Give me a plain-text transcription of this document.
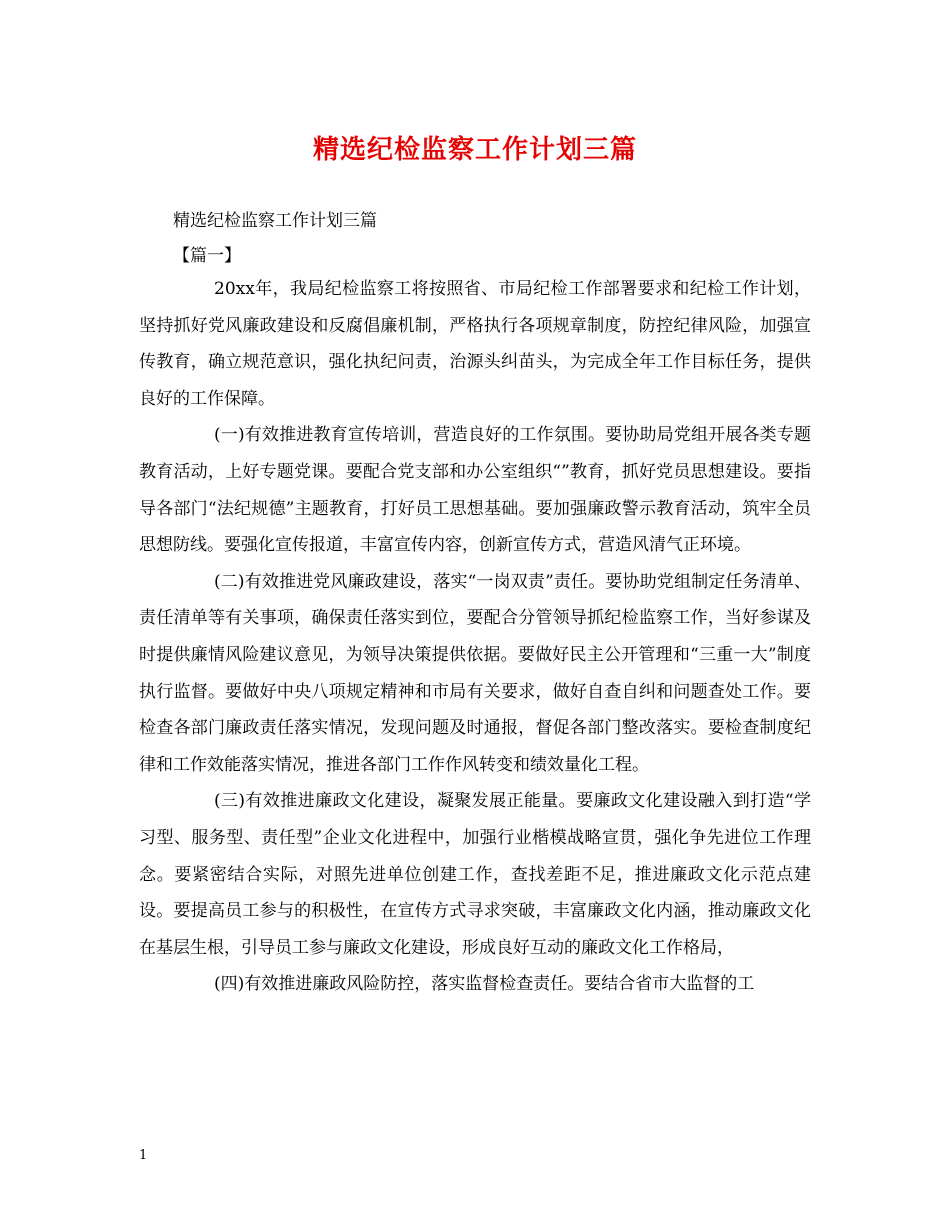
精选纪检监察工作计划三篇

精选纪检监察工作计划三篇

【篇一】

20xx年，我局纪检监察工将按照省、市局纪检工作部署要求和纪检工作计划，坚持抓好党风廉政建设和反腐倡廉机制，严格执行各项规章制度，防控纪律风险，加强宣传教育，确立规范意识，强化执纪问责，治源头纠苗头，为完成全年工作目标任务，提供良好的工作保障。

(一)有效推进教育宣传培训，营造良好的工作氛围。要协助局党组开展各类专题教育活动，上好专题党课。要配合党支部和办公室组织“”教育，抓好党员思想建设。要指导各部门“法纪规德”主题教育，打好员工思想基础。要加强廉政警示教育活动，筑牢全员思想防线。要强化宣传报道，丰富宣传内容，创新宣传方式，营造风清气正环境。

(二)有效推进党风廉政建设，落实“一岗双责”责任。要协助党组制定任务清单、责任清单等有关事项，确保责任落实到位，要配合分管领导抓纪检监察工作，当好参谋及时提供廉情风险建议意见，为领导决策提供依据。要做好民主公开管理和“三重一大”制度执行监督。要做好中央八项规定精神和市局有关要求，做好自查自纠和问题查处工作。要检查各部门廉政责任落实情况，发现问题及时通报，督促各部门整改落实。要检查制度纪律和工作效能落实情况，推进各部门工作作风转变和绩效量化工程。

(三)有效推进廉政文化建设，凝聚发展正能量。要廉政文化建设融入到打造“学习型、服务型、责任型”企业文化进程中，加强行业楷模战略宣贯，强化争先进位工作理念。要紧密结合实际，对照先进单位创建工作，查找差距不足，推进廉政文化示范点建设。要提高员工参与的积极性，在宣传方式寻求突破，丰富廉政文化内涵，推动廉政文化在基层生根，引导员工参与廉政文化建设，形成良好互动的廉政文化工作格局，

(四)有效推进廉政风险防控，落实监督检查责任。要结合省市大监督的工

1
